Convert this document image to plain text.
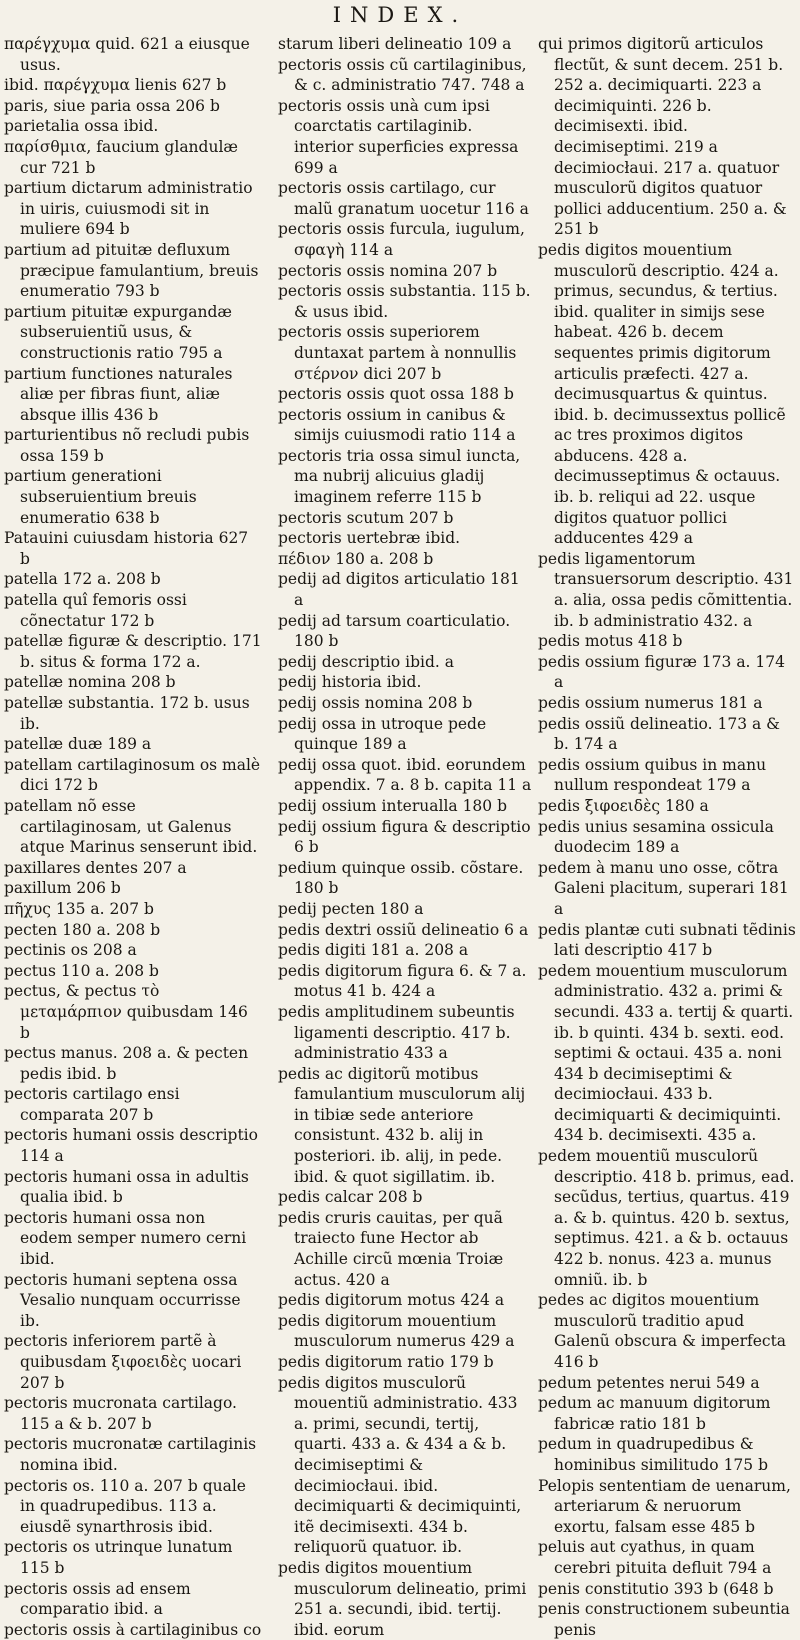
INDEX.
παρέγχυμα quid. 621 a eiusque usus.
ibid. παρέγχυμα lienis 627 b
paris, siue paria ossa 206 b
parietalia ossa ibid.
παρίσθμια, faucium glandulæ cur 721 b
partium dictarum administratio in uiris, cuiusmodi sit in muliere 694 b
partium ad pituitæ defluxum præcipue famulantium, breuis enumeratio 793 b
partium pituitæ expurgandæ subseruientiũ usus, & constructionis ratio 795 a
partium functiones naturales aliæ per fibras fiunt, aliæ absque illis 436 b
parturientibus nõ recludi pubis ossa 159 b
partium generationi subseruientium breuis enumeratio 638 b
Patauini cuiusdam historia 627 b
patella 172 a. 208 b
patella quî femoris ossi cõnectatur 172 b
patellæ figuræ & descriptio. 171 b. situs & forma 172 a.
patellæ nomina 208 b
patellæ substantia. 172 b. usus ib.
patellæ duæ 189 a
patellam cartilaginosum os malè dici 172 b
patellam nõ esse cartilaginosam, ut Galenus atque Marinus senserunt ibid.
paxillares dentes 207 a
paxillum 206 b
πῆχυς 135 a. 207 b
pecten 180 a. 208 b
pectinis os 208 a
pectus 110 a. 208 b
pectus, & pectus τὸ μεταμάρπιον quibusdam 146 b
pectus manus. 208 a. & pecten pedis ibid. b
pectoris cartilago ensi comparata 207 b
pectoris humani ossis descriptio 114 a
pectoris humani ossa in adultis qualia ibid. b
pectoris humani ossa non eodem semper numero cerni ibid.
pectoris humani septena ossa Vesalio nunquam occurrisse ib.
pectoris inferiorem partẽ à quibusdam ξιφοειδὲς uocari 207 b
pectoris mucronata cartilago. 115 a & b. 207 b
pectoris mucronatæ cartilaginis nomina ibid.
pectoris os. 110 a. 207 b quale in quadrupedibus. 113 a. eiusdẽ synarthrosis ibid.
pectoris os utrinque lunatum 115 b
pectoris ossis ad ensem comparatio ibid. a
pectoris ossis à cartilaginibus co
starum liberi delineatio 109 a
pectoris ossis cũ cartilaginibus, & c. administratio 747. 748 a
pectoris ossis unà cum ipsi coarctatis cartilaginib. interior superficies expressa 699 a
pectoris ossis cartilago, cur malũ granatum uocetur 116 a
pectoris ossis furcula, iugulum, σφαγὴ 114 a
pectoris ossis nomina 207 b
pectoris ossis substantia. 115 b. & usus ibid.
pectoris ossis superiorem duntaxat partem à nonnullis στέρνον dici 207 b
pectoris ossis quot ossa 188 b
pectoris ossium in canibus & simijs cuiusmodi ratio 114 a
pectoris tria ossa simul iuncta, ma nubrij alicuius gladij imaginem referre 115 b
pectoris scutum 207 b
pectoris uertebræ ibid.
πέδιον 180 a. 208 b
pedij ad digitos articulatio 181 a
pedij ad tarsum coarticulatio. 180 b
pedij descriptio ibid. a
pedij historia ibid.
pedij ossis nomina 208 b
pedij ossa in utroque pede quinque 189 a
pedij ossa quot. ibid. eorundem appendix. 7 a. 8 b. capita 11 a
pedij ossium interualla 180 b
pedij ossium figura & descriptio 6 b
pedium quinque ossib. cõstare. 180 b
pedij pecten 180 a
pedis dextri ossiũ delineatio 6 a
pedis digiti 181 a. 208 a
pedis digitorum figura 6. & 7 a. motus 41 b. 424 a
pedis amplitudinem subeuntis ligamenti descriptio. 417 b. administratio 433 a
pedis ac digitorũ motibus famulantium musculorum alij in tibiæ sede anteriore consistunt. 432 b. alij in posteriori. ib. alij, in pede. ibid. & quot sigillatim. ib.
pedis calcar 208 b
pedis cruris cauitas, per quã traiecto fune Hector ab Achille circũ mœnia Troiæ actus. 420 a
pedis digitorum motus 424 a
pedis digitorum mouentium musculorum numerus 429 a
pedis digitorum ratio 179 b
pedis digitos musculorũ mouentiũ administratio. 433 a. primi, secundi, tertij, quarti. 433 a. & 434 a & b. decimiseptimi & decimiocłaui. ibid. decimiquarti & decimiquinti, itẽ decimisexti. 434 b. reliquorũ quatuor. ib.
pedis digitos mouentium musculorum delineatio, primi 251 a. secundi, ibid. tertij. ibid. eorum
qui primos digitorũ articulos flectũt, & sunt decem. 251 b. 252 a. decimiquarti. 223 a decimiquinti. 226 b. decimisexti. ibid. decimiseptimi. 219 a decimiocłaui. 217 a. quatuor musculorũ digitos quatuor pollici adducentium. 250 a. & 251 b
pedis digitos mouentium musculorũ descriptio. 424 a. primus, secundus, & tertius. ibid. qualiter in simijs sese habeat. 426 b. decem sequentes primis digitorum articulis præfecti. 427 a. decimusquartus & quintus. ibid. b. decimussextus pollicẽ ac tres proximos digitos abducens. 428 a. decimusseptimus & octauus. ib. b. reliqui ad 22. usque digitos quatuor pollici adducentes 429 a
pedis ligamentorum transuersorum descriptio. 431 a. alia, ossa pedis cõmittentia. ib. b administratio 432. a
pedis motus 418 b
pedis ossium figuræ 173 a. 174 a
pedis ossium numerus 181 a
pedis ossiũ delineatio. 173 a & b. 174 a
pedis ossium quibus in manu nullum respondeat 179 a
pedis ξιφοειδὲς 180 a
pedis unius sesamina ossicula duodecim 189 a
pedem à manu uno osse, cõtra Galeni placitum, superari 181 a
pedis plantæ cuti subnati tẽdinis lati descriptio 417 b
pedem mouentium musculorum administratio. 432 a. primi & secundi. 433 a. tertij & quarti. ib. b quinti. 434 b. sexti. eod. septimi & octaui. 435 a. noni 434 b decimiseptimi & decimiocłaui. 433 b. decimiquarti & decimiquinti. 434 b. decimisexti. 435 a.
pedem mouentiũ musculorũ descriptio. 418 b. primus, ead. secũdus, tertius, quartus. 419 a. & b. quintus. 420 b. sextus, septimus. 421. a & b. octauus 422 b. nonus. 423 a. munus omniũ. ib. b
pedes ac digitos mouentium musculorũ traditio apud Galenũ obscura & imperfecta 416 b
pedum petentes nerui 549 a
pedum ac manuum digitorum fabricæ ratio 181 b
pedum in quadrupedibus & hominibus similitudo 175 b
Pelopis sententiam de uenarum, arteriarum & neruorum exortu, falsam esse 485 b
peluis aut cyathus, in quam cerebri pituita defluit 794 a
penis constitutio 393 b (648 b
penis constructionem subeuntia penis
